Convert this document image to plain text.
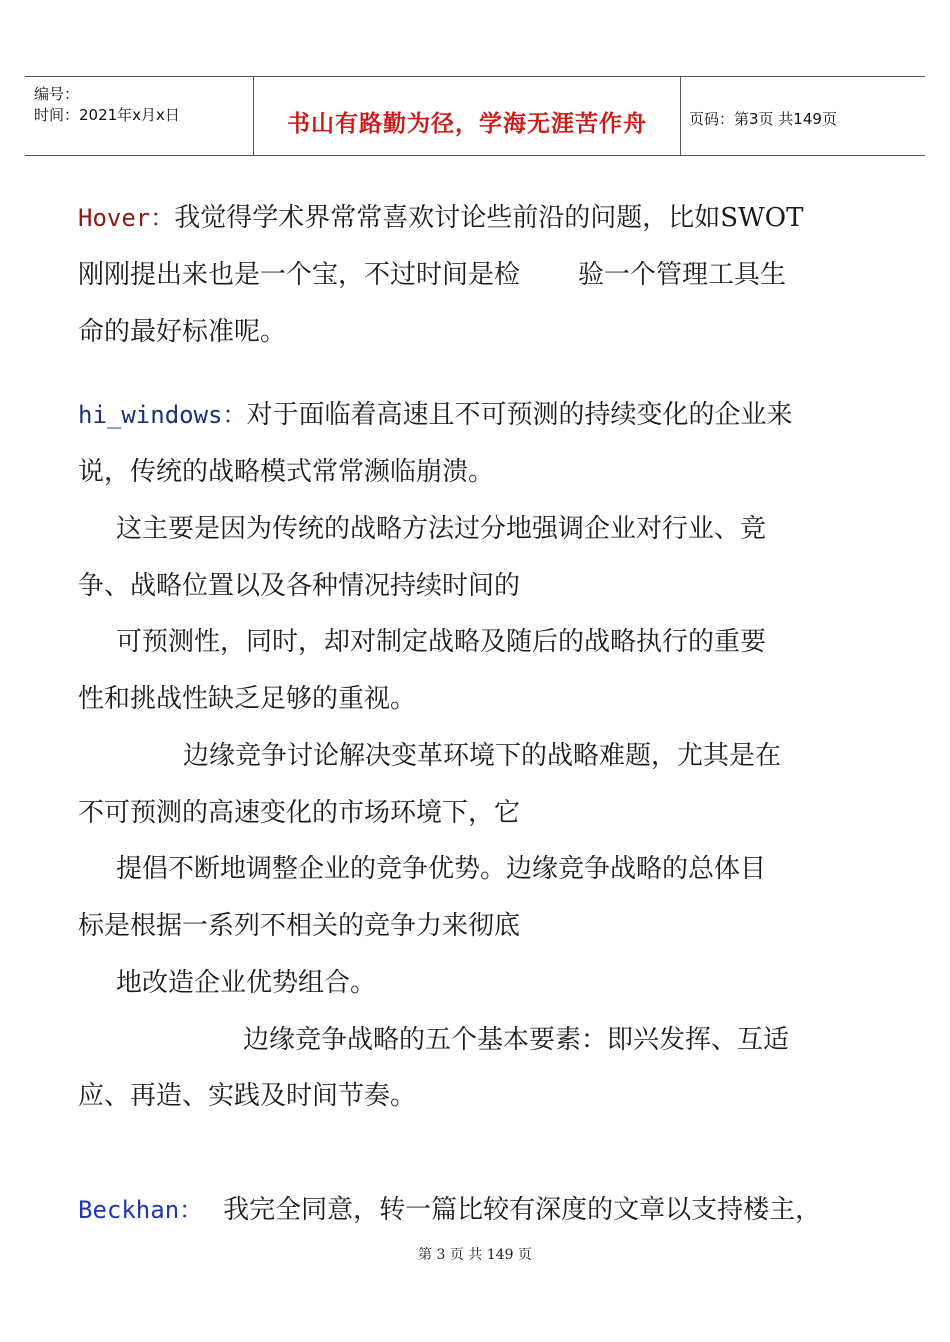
编号：
时间：2021年x月x日	书山有路勤为径，学海无涯苦作舟	页码：第3页 共149页
Hover：我觉得学术界常常喜欢讨论些前沿的问题，比如SWOT
刚刚提出来也是一个宝，不过时间是检 验一个管理工具生
命的最好标准呢。
hi_windows：对于面临着高速且不可预测的持续变化的企业来
说，传统的战略模式常常濒临崩溃。
这主要是因为传统的战略方法过分地强调企业对行业、竞
争、战略位置以及各种情况持续时间的
可预测性，同时，却对制定战略及随后的战略执行的重要
性和挑战性缺乏足够的重视。
边缘竞争讨论解决变革环境下的战略难题，尤其是在
不可预测的高速变化的市场环境下，它
提倡不断地调整企业的竞争优势。边缘竞争战略的总体目
标是根据一系列不相关的竞争力来彻底
地改造企业优势组合。
边缘竞争战略的五个基本要素：即兴发挥、互适
应、再造、实践及时间节奏。
Beckhan： 我完全同意，转一篇比较有深度的文章以支持楼主，
第 3 页 共 149 页
